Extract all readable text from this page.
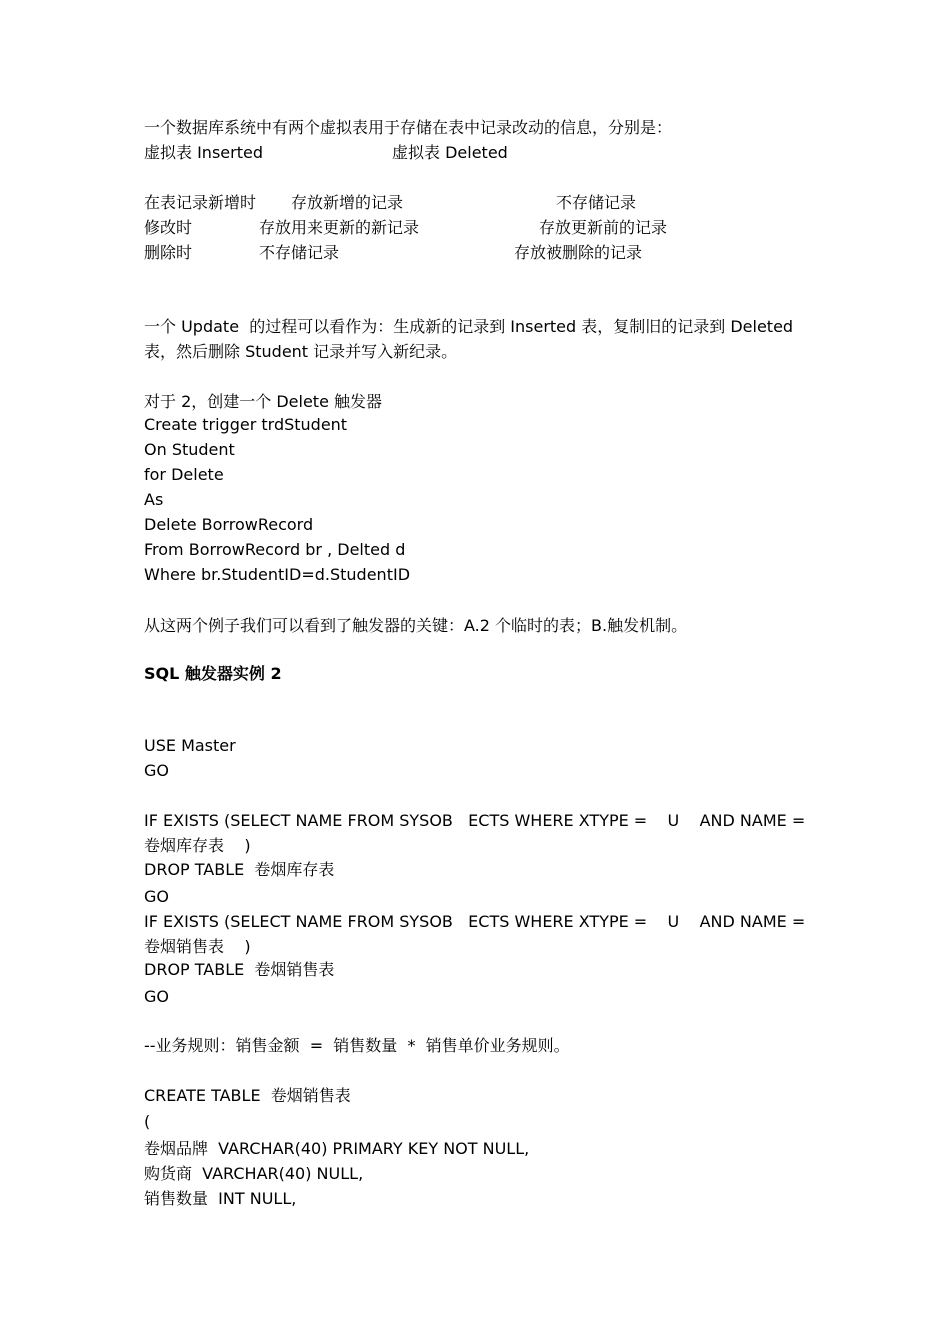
一个数据库系统中有两个虚拟表用于存储在表中记录改动的信息，分别是：
虚拟表 Inserted	虚拟表 Deleted
在表记录新增时 存放新增的记录	不存储记录
修改时	存放用来更新的新记录	存放更新前的记录
删除时	不存储记录	存放被删除的记录
一个 Update  的过程可以看作为：生成新的记录到 Inserted 表，复制旧的记录到 Deleted
表，然后删除 Student 记录并写入新纪录。
对于 2，创建一个 Delete 触发器
Create trigger trdStudent
On Student
for Delete
As
Delete BorrowRecord
From BorrowRecord br , Delted d
Where br.StudentID=d.StudentID
从这两个例子我们可以看到了触发器的关键：A.2 个临时的表；B.触发机制。
SQL 触发器实例 2
USE Master
GO
IF EXISTS (SELECT NAME FROM SYSOB   ECTS WHERE XTYPE =    U    AND NAME =
卷烟库存表    )
DROP TABLE  卷烟库存表
GO
IF EXISTS (SELECT NAME FROM SYSOB   ECTS WHERE XTYPE =    U    AND NAME =
卷烟销售表    )
DROP TABLE  卷烟销售表
GO
--业务规则：销售金额  =  销售数量  *  销售单价业务规则。
CREATE TABLE  卷烟销售表
(
卷烟品牌  VARCHAR(40) PRIMARY KEY NOT NULL,
购货商  VARCHAR(40) NULL,
销售数量  INT NULL,
